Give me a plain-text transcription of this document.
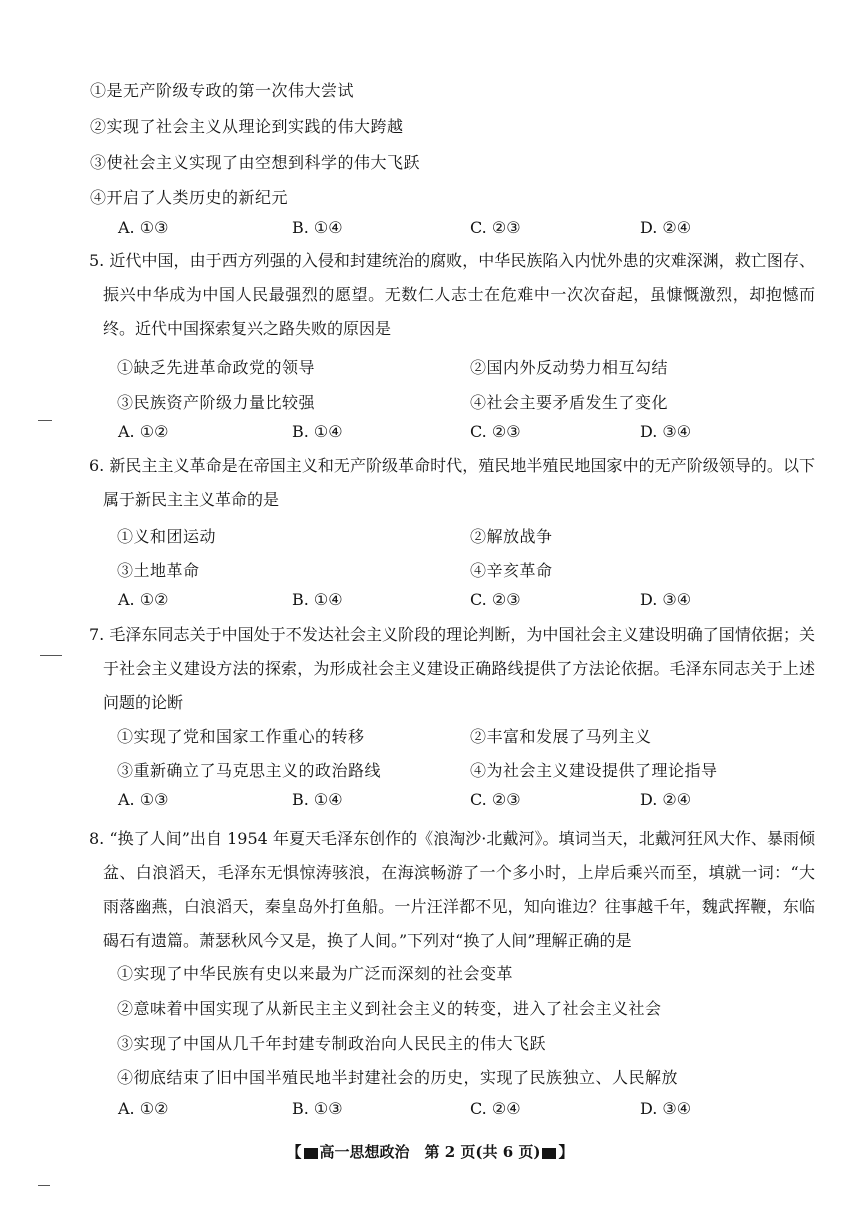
①是无产阶级专政的第一次伟大尝试
②实现了社会主义从理论到实践的伟大跨越
③使社会主义实现了由空想到科学的伟大飞跃
④开启了人类历史的新纪元
A. ①③	B. ①④	C. ②③	D. ②④
5. 近代中国，由于西方列强的入侵和封建统治的腐败，中华民族陷入内忧外患的灾难深渊，救亡图存、振兴中华成为中国人民最强烈的愿望。无数仁人志士在危难中一次次奋起，虽慷慨激烈，却抱憾而终。近代中国探索复兴之路失败的原因是
①缺乏先进革命政党的领导	②国内外反动势力相互勾结
③民族资产阶级力量比较强	④社会主要矛盾发生了变化
A. ①②	B. ①④	C. ②③	D. ③④
6. 新民主主义革命是在帝国主义和无产阶级革命时代，殖民地半殖民地国家中的无产阶级领导的。以下属于新民主主义革命的是
①义和团运动	②解放战争
③土地革命	④辛亥革命
A. ①②	B. ①④	C. ②③	D. ③④
7. 毛泽东同志关于中国处于不发达社会主义阶段的理论判断，为中国社会主义建设明确了国情依据；关于社会主义建设方法的探索，为形成社会主义建设正确路线提供了方法论依据。毛泽东同志关于上述问题的论断
①实现了党和国家工作重心的转移	②丰富和发展了马列主义
③重新确立了马克思主义的政治路线	④为社会主义建设提供了理论指导
A. ①③	B. ①④	C. ②③	D. ②④
8. “换了人间”出自 1954 年夏天毛泽东创作的《浪淘沙·北戴河》。填词当天，北戴河狂风大作、暴雨倾盆、白浪滔天，毛泽东无惧惊涛骇浪，在海滨畅游了一个多小时，上岸后乘兴而至，填就一词：“大雨落幽燕，白浪滔天，秦皇岛外打鱼船。一片汪洋都不见，知向谁边？往事越千年，魏武挥鞭，东临碣石有遗篇。萧瑟秋风今又是，换了人间。”下列对“换了人间”理解正确的是
①实现了中华民族有史以来最为广泛而深刻的社会变革
②意味着中国实现了从新民主主义到社会主义的转变，进入了社会主义社会
③实现了中国从几千年封建专制政治向人民民主的伟大飞跃
④彻底结束了旧中国半殖民地半封建社会的历史，实现了民族独立、人民解放
A. ①②	B. ①③	C. ②④	D. ③④
【 高一思想政治　第 2 页(共 6 页) 】
